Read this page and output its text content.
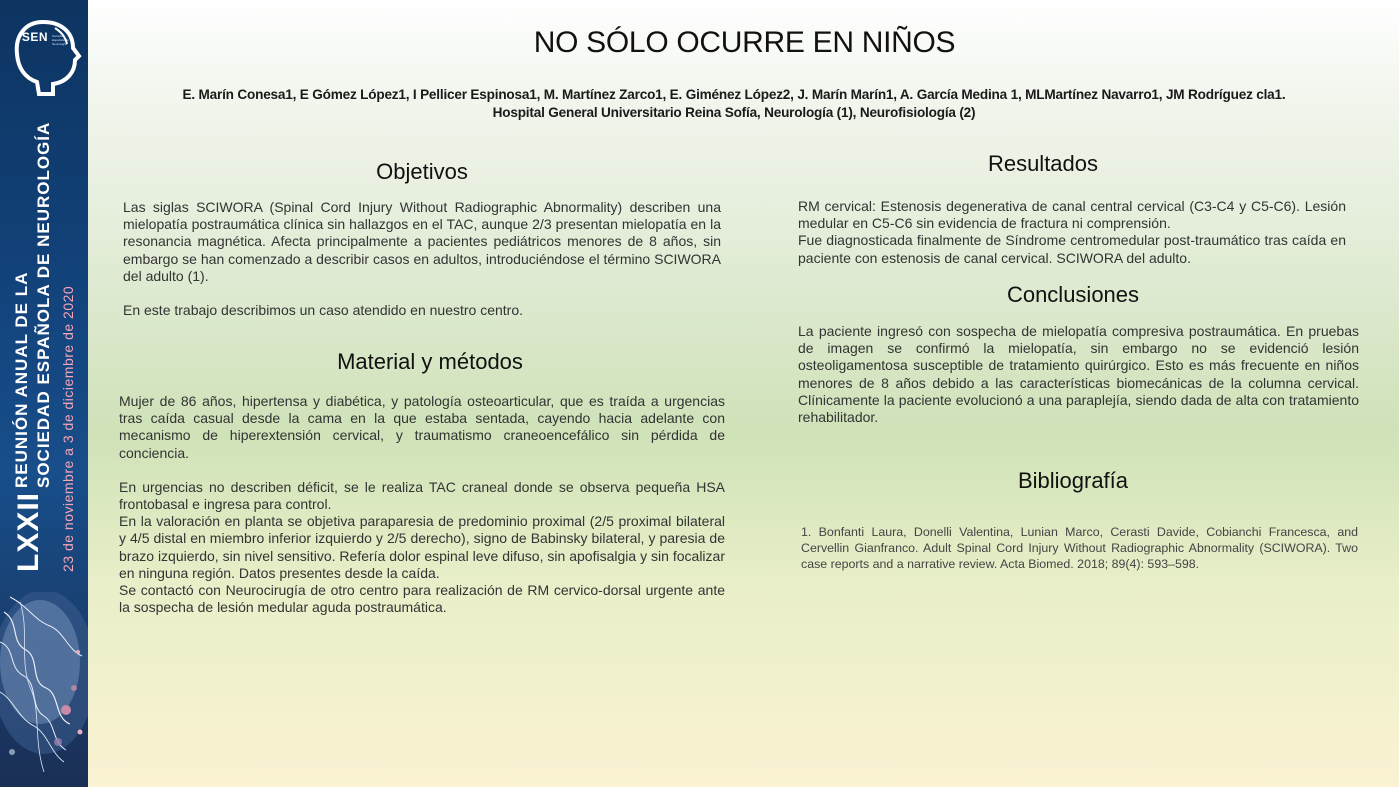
SEN	Sociedad Española de Neurología
LXXII
REUNIÓN ANUAL DE LA SOCIEDAD ESPAÑOLA DE NEUROLOGÍA 23 de noviembre a 3 de diciembre de 2020
NO SÓLO OCURRE EN NIÑOS
E. Marín Conesa1, E Gómez López1, I Pellicer Espinosa1, M. Martínez Zarco1, E. Giménez López2, J. Marín Marín1, A. García Medina 1, MLMartínez Navarro1, JM Rodríguez cla1.
Hospital General Universitario Reina Sofía, Neurología (1), Neurofisiología (2)
Objetivos

Las siglas SCIWORA (Spinal Cord Injury Without Radiographic Abnormality) describen una mielopatía postraumática clínica sin hallazgos en el TAC, aunque 2/3 presentan mielopatía en la resonancia magnética. Afecta principalmente a pacientes pediátricos menores de 8 años, sin embargo se han comenzado a describir casos en adultos, introduciéndose el término SCIWORA del adulto (1).

En este trabajo describimos un caso atendido en nuestro centro.

Material y métodos

Mujer de 86 años, hipertensa y diabética, y patología osteoarticular, que es traída a urgencias tras caída casual desde la cama en la que estaba sentada, cayendo hacia adelante con mecanismo de hiperextensión cervical, y traumatismo craneoencefálico sin pérdida de conciencia.

En urgencias no describen déficit, se le realiza TAC craneal donde se observa pequeña HSA frontobasal e ingresa para control.

En la valoración en planta se objetiva paraparesia de predominio proximal (2/5 proximal bilateral y 4/5 distal en miembro inferior izquierdo y 2/5 derecho), signo de Babinsky bilateral, y paresia de brazo izquierdo, sin nivel sensitivo. Refería dolor espinal leve difuso, sin apofisalgia y sin focalizar en ninguna región. Datos presentes desde la caída.

Se contactó con Neurocirugía de otro centro para realización de RM cervico-dorsal urgente ante la sospecha de lesión medular aguda postraumática.

Resultados

RM cervical: Estenosis degenerativa de canal central cervical (C3-C4 y C5-C6). Lesión medular en C5-C6 sin evidencia de fractura ni comprensión.

Fue diagnosticada finalmente de Síndrome centromedular post-traumático tras caída en paciente con estenosis de canal cervical. SCIWORA del adulto.

Conclusiones

La paciente ingresó con sospecha de mielopatía compresiva postraumática. En pruebas de imagen se confirmó la mielopatía, sin embargo no se evidenció lesión osteoligamentosa susceptible de tratamiento quirúrgico. Esto es más frecuente en niños menores de 8 años debido a las características biomecánicas de la columna cervical. Clínicamente la paciente evolucionó a una paraplejía, siendo dada de alta con tratamiento rehabilitador.

Bibliografía

1. Bonfanti Laura, Donelli Valentina, Lunian Marco, Cerasti Davide, Cobianchi Francesca, and Cervellin Gianfranco. Adult Spinal Cord Injury Without Radiographic Abnormality (SCIWORA). Two case reports and a narrative review. Acta Biomed. 2018; 89(4): 593–598.
